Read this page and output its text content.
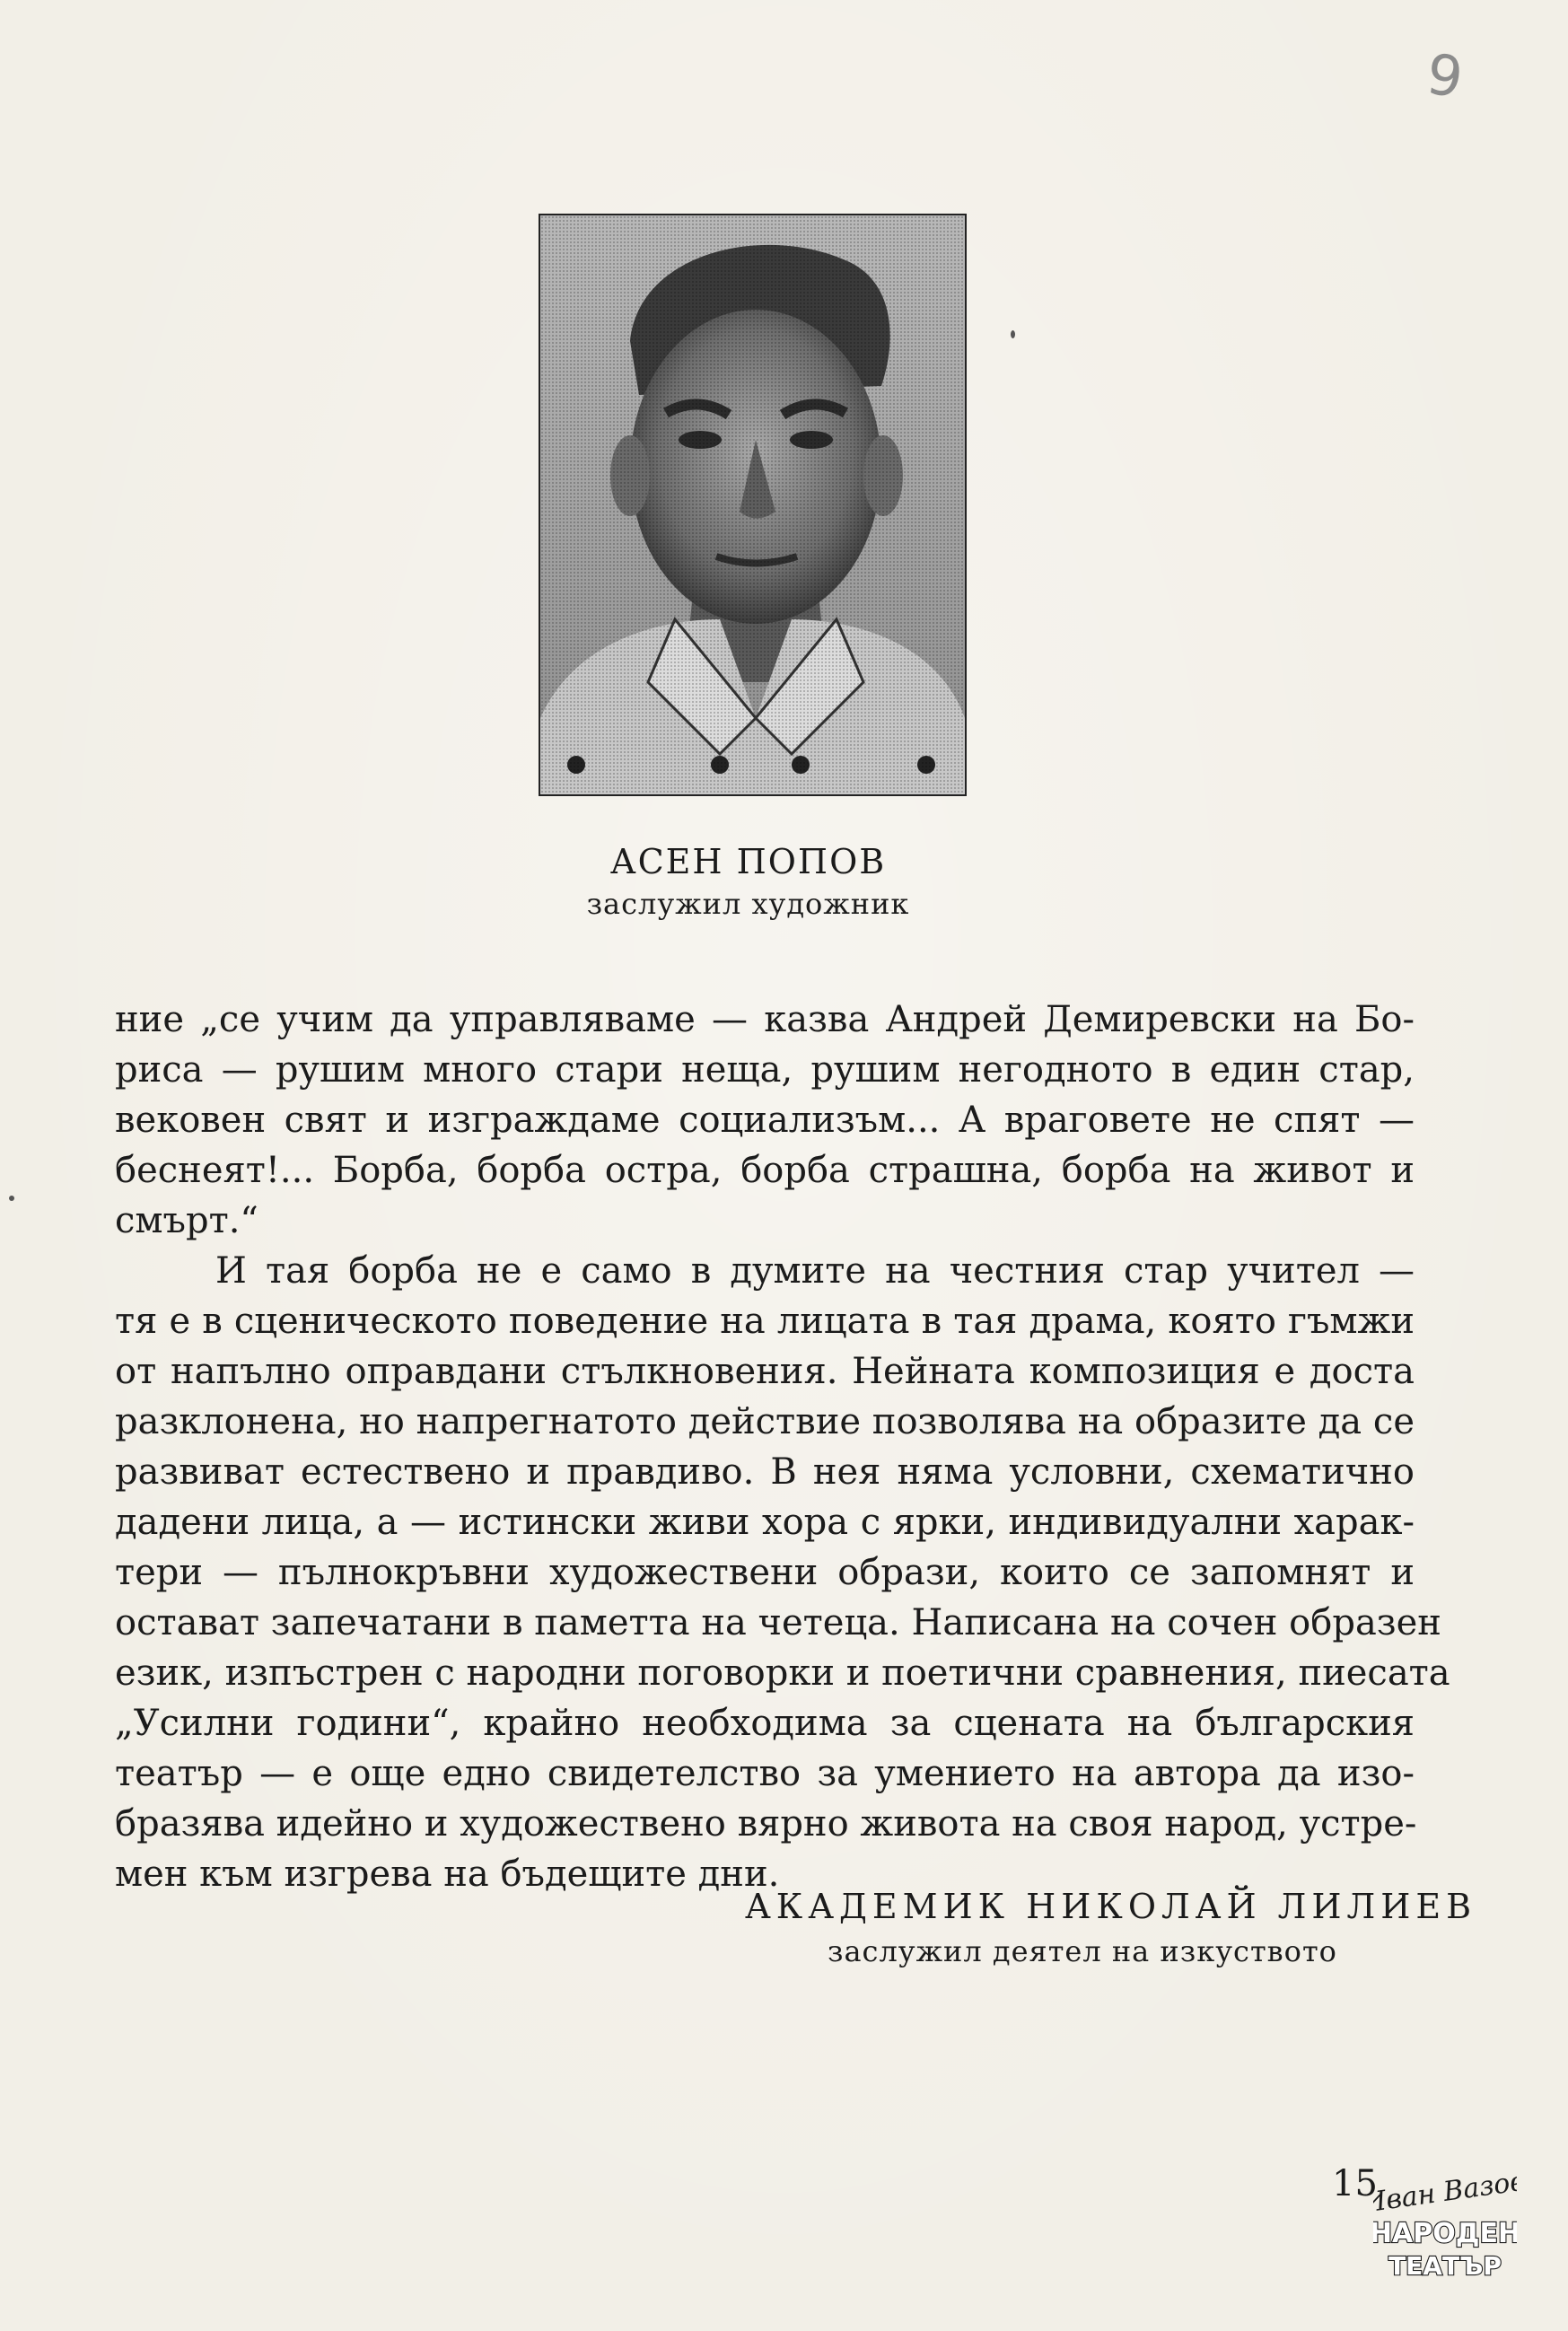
9
АСЕН ПОПОВ
заслужил художник

ние „се учим да управляваме — казва Андрей Демиревски на Бо-
риса — рушим много стари неща, рушим негодното в един стар,
вековен свят и изграждаме социализъм... А враговете не спят —
беснеят!... Борба, борба остра, борба страшна, борба на живот и
смърт.“

И тая борба не е само в думите на честния стар учител —
тя е в сценическото поведение на лицата в тая драма, която гъмжи
от напълно оправдани стълкновения. Нейната композиция е доста
разклонена, но напрегнатото действие позволява на образите да се
развиват естествено и правдиво. В нея няма условни, схематично
дадени лица, а — истински живи хора с ярки, индивидуални харак-
тери — пълнокръвни художествени образи, които се запомнят и
остават запечатани в паметта на четеца. Написана на сочен образен
език, изпъстрен с народни поговорки и поетични сравнения, пиесата
„Усилни години“, крайно необходима за сцената на българския
театър — е още едно свидетелство за умението на автора да изо-
бразява идейно и художествено вярно живота на своя народ, устре-
мен към изгрева на бъдещите дни.

АКАДЕМИК НИКОЛАЙ ЛИЛИЕВ
заслужил деятел на изкуството
15
Иван Вазов
НАРОДЕН
ТЕАТЪР
